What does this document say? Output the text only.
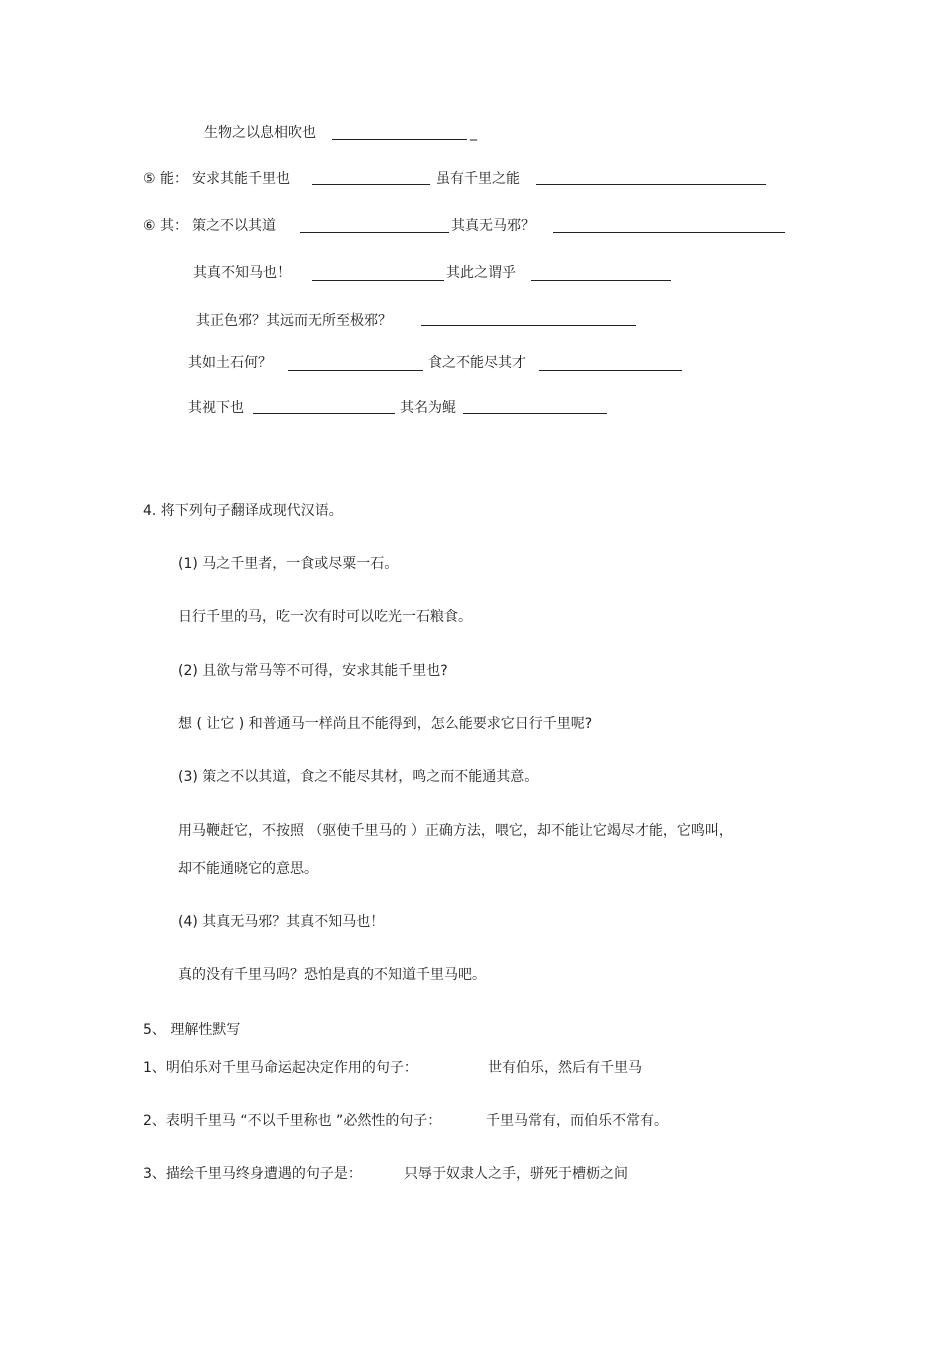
生物之以息相吹也	_
⑤ 能： 安求其能千里也	虽有千里之能
⑥ 其： 策之不以其道	其真无马邪？
其真不知马也！	其此之谓乎
其正色邪？其远而无所至极邪？
其如土石何？	食之不能尽其才
其视下也	其名为鲲
4. 将下列句子翻译成现代汉语。
(1) 马之千里者，一食或尽粟一石。
日行千里的马，吃一次有时可以吃光一石粮食。
(2) 且欲与常马等不可得，安求其能千里也?
想 ( 让它 ) 和普通马一样尚且不能得到，怎么能要求它日行千里呢?
(3) 策之不以其道，食之不能尽其材，鸣之而不能通其意。
用马鞭赶它，不按照 （驱使千里马的 ）正确方法，喂它，却不能让它竭尽才能，它鸣叫，
却不能通晓它的意思。
(4) 其真无马邪？其真不知马也！
真的没有千里马吗？恐怕是真的不知道千里马吧。
5、 理解性默写
1、明伯乐对千里马命运起决定作用的句子：	世有伯乐，然后有千里马
2、表明千里马 “不以千里称也 ”必然性的句子：	千里马常有，而伯乐不常有。
3、描绘千里马终身遭遇的句子是：	只辱于奴隶人之手，骈死于槽枥之间
